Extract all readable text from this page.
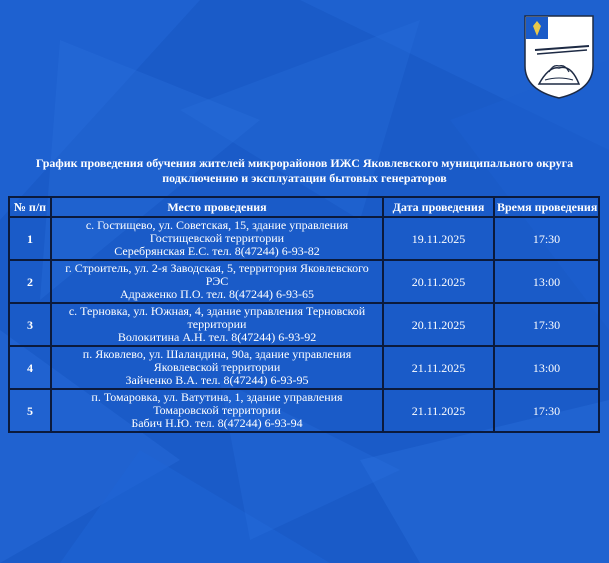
График проведения обучения жителей микрорайонов ИЖС Яковлевского муниципального округа
подключению и эксплуатации бытовых генераторов
№ п/п	Место проведения	Дата проведения	Время проведения
1	с. Гостищево, ул. Советская, 15, здание управления
Гостищевской территории
Серебрянская Е.С. тел. 8(47244) 6-93-82	19.11.2025	17:30
2	г. Строитель, ул. 2-я Заводская, 5, территория Яковлевского
РЭС
Адраженко П.О. тел. 8(47244) 6-93-65	20.11.2025	13:00
3	с. Терновка, ул. Южная, 4, здание управления Терновской
территории
Волокитина А.Н. тел. 8(47244) 6-93-92	20.11.2025	17:30
4	п. Яковлево, ул. Шаландина, 90а, здание управления
Яковлевской территории
Зайченко В.А. тел. 8(47244) 6-93-95	21.11.2025	13:00
5	п. Томаровка, ул. Ватутина, 1, здание управления
Томаровской территории
Бабич Н.Ю. тел. 8(47244) 6-93-94	21.11.2025	17:30
